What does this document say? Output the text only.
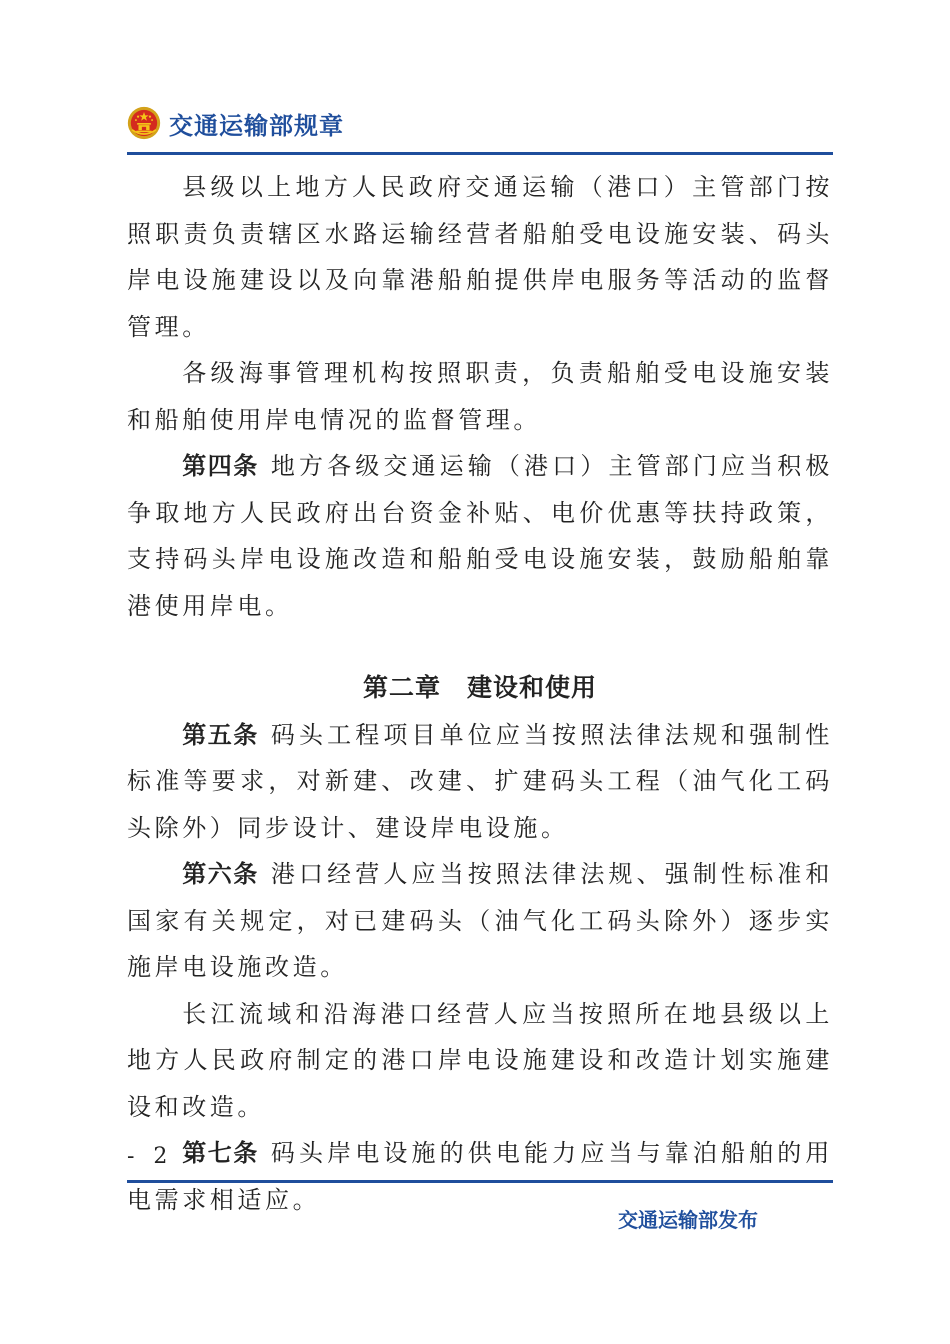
交通运输部规章

县级以上地方人民政府交通运输（港口）主管部门按照职责负责辖区水路运输经营者船舶受电设施安装、码头岸电设施建设以及向靠港船舶提供岸电服务等活动的监督管理。

各级海事管理机构按照职责，负责船舶受电设施安装和船舶使用岸电情况的监督管理。

第四条 地方各级交通运输（港口）主管部门应当积极争取地方人民政府出台资金补贴、电价优惠等扶持政策，支持码头岸电设施改造和船舶受电设施安装，鼓励船舶靠港使用岸电。

第二章 建设和使用

第五条 码头工程项目单位应当按照法律法规和强制性标准等要求，对新建、改建、扩建码头工程（油气化工码头除外）同步设计、建设岸电设施。

第六条 港口经营人应当按照法律法规、强制性标准和国家有关规定，对已建码头（油气化工码头除外）逐步实施岸电设施改造。

长江流域和沿海港口经营人应当按照所在地县级以上地方人民政府制定的港口岸电设施建设和改造计划实施建设和改造。

第七条 码头岸电设施的供电能力应当与靠泊船舶的用电需求相适应。

- 2 -
交通运输部发布
